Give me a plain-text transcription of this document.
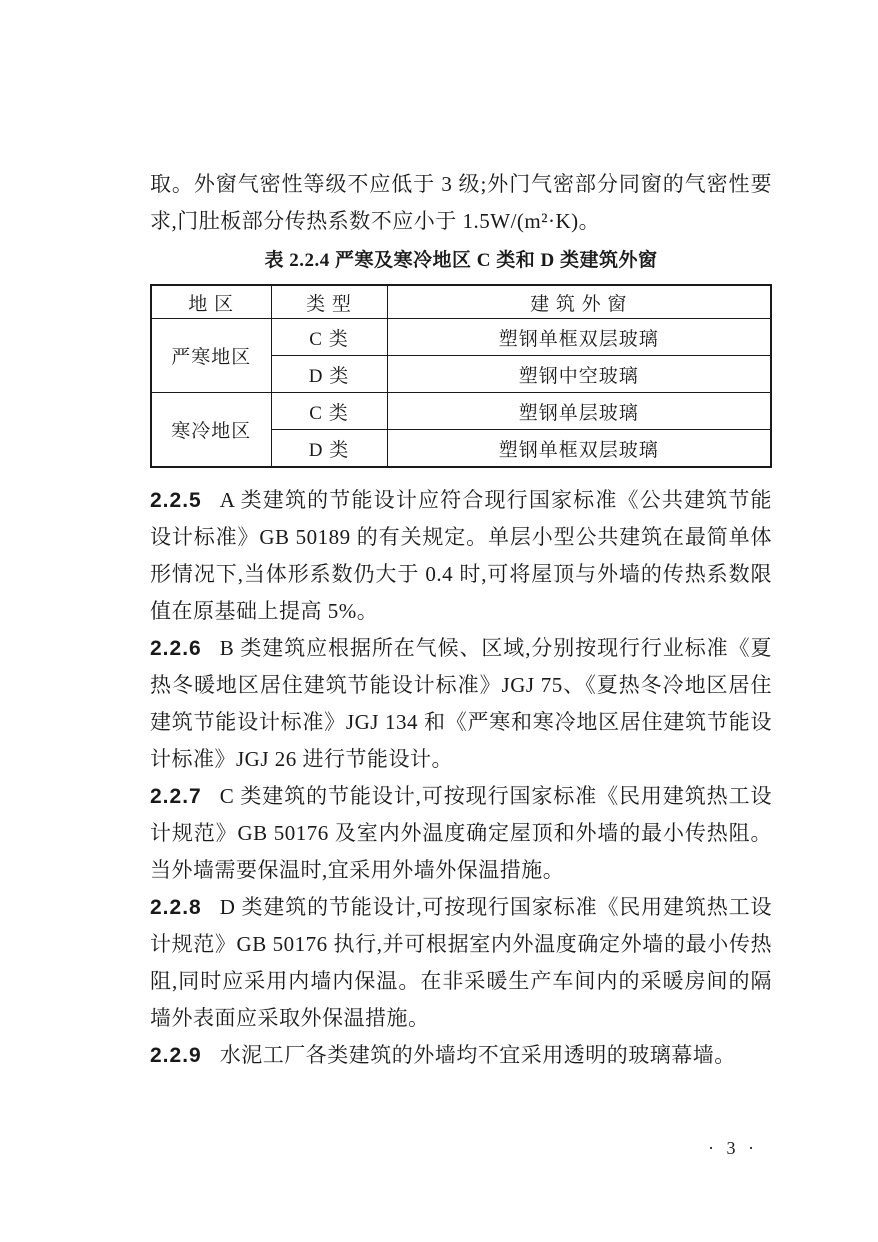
取。外窗气密性等级不应低于 3 级;外门气密部分同窗的气密性要求,门肚板部分传热系数不应小于 1.5W/(m²·K)。

表 2.2.4 严寒及寒冷地区 C 类和 D 类建筑外窗
地 区	类 型	建 筑 外 窗
严寒地区	C 类	塑钢单框双层玻璃
	D 类	塑钢中空玻璃
寒冷地区	C 类	塑钢单层玻璃
	D 类	塑钢单框双层玻璃

2.2.5 A 类建筑的节能设计应符合现行国家标准《公共建筑节能设计标准》GB 50189 的有关规定。单层小型公共建筑在最简单体形情况下,当体形系数仍大于 0.4 时,可将屋顶与外墙的传热系数限值在原基础上提高 5%。

2.2.6 B 类建筑应根据所在气候、区域,分别按现行行业标准《夏热冬暖地区居住建筑节能设计标准》JGJ 75、《夏热冬冷地区居住建筑节能设计标准》JGJ 134 和《严寒和寒冷地区居住建筑节能设计标准》JGJ 26 进行节能设计。

2.2.7 C 类建筑的节能设计,可按现行国家标准《民用建筑热工设计规范》GB 50176 及室内外温度确定屋顶和外墙的最小传热阻。当外墙需要保温时,宜采用外墙外保温措施。

2.2.8 D 类建筑的节能设计,可按现行国家标准《民用建筑热工设计规范》GB 50176 执行,并可根据室内外温度确定外墙的最小传热阻,同时应采用内墙内保温。在非采暖生产车间内的采暖房间的隔墙外表面应采取外保温措施。

2.2.9 水泥工厂各类建筑的外墙均不宜采用透明的玻璃幕墙。

· 3 ·
